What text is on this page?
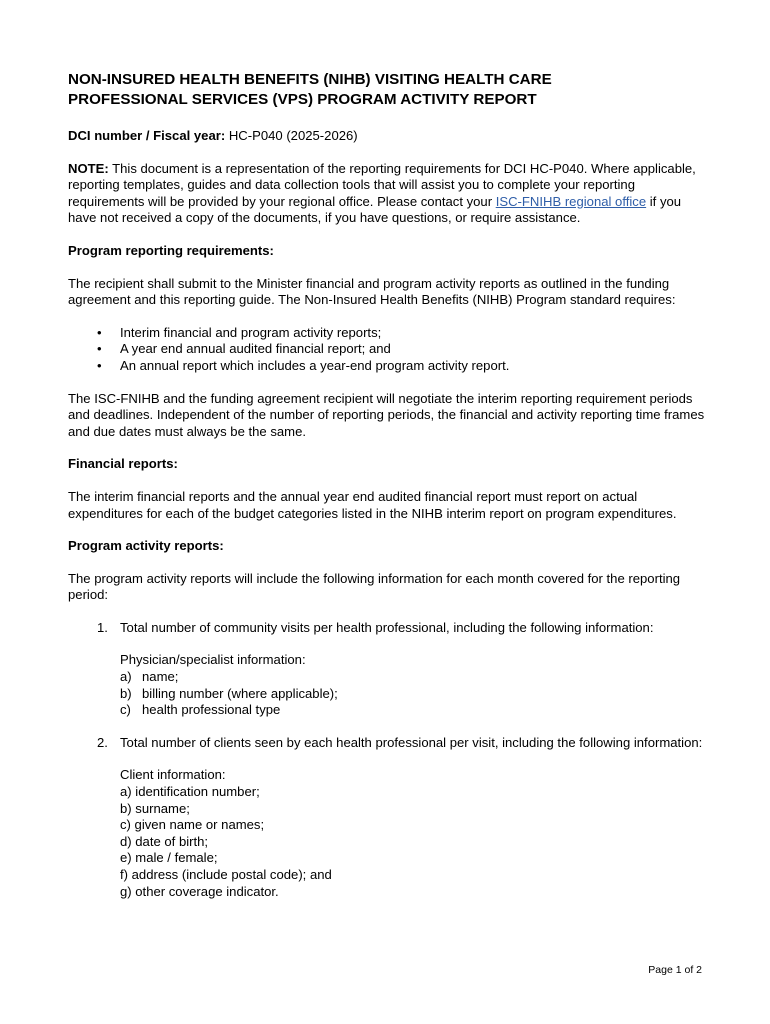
NON-INSURED HEALTH BENEFITS (NIHB) VISITING HEALTH CARE
PROFESSIONAL SERVICES (VPS) PROGRAM ACTIVITY REPORT

DCI number / Fiscal year: HC-P040 (2025-2026)

NOTE: This document is a representation of the reporting requirements for DCI HC-P040. Where applicable, reporting templates, guides and data collection tools that will assist you to complete your reporting requirements will be provided by your regional office. Please contact your ISC-FNIHB regional office if you have not received a copy of the documents, if you have questions, or require assistance.

Program reporting requirements:

The recipient shall submit to the Minister financial and program activity reports as outlined in the funding agreement and this reporting guide. The Non-Insured Health Benefits (NIHB) Program standard requires:

• Interim financial and program activity reports;
• A year end annual audited financial report; and
• An annual report which includes a year-end program activity report.

The ISC-FNIHB and the funding agreement recipient will negotiate the interim reporting requirement periods and deadlines. Independent of the number of reporting periods, the financial and activity reporting time frames and due dates must always be the same.

Financial reports:

The interim financial reports and the annual year end audited financial report must report on actual expenditures for each of the budget categories listed in the NIHB interim report on program expenditures.

Program activity reports:

The program activity reports will include the following information for each month covered for the reporting period:

1. Total number of community visits per health professional, including the following information:
Physician/specialist information:
a) name;
b) billing number (where applicable);
c) health professional type
2. Total number of clients seen by each health professional per visit, including the following information:
Client information:
a) identification number;
b) surname;
c) given name or names;
d) date of birth;
e) male / female;
f) address (include postal code); and
g) other coverage indicator.
Page 1 of 2
